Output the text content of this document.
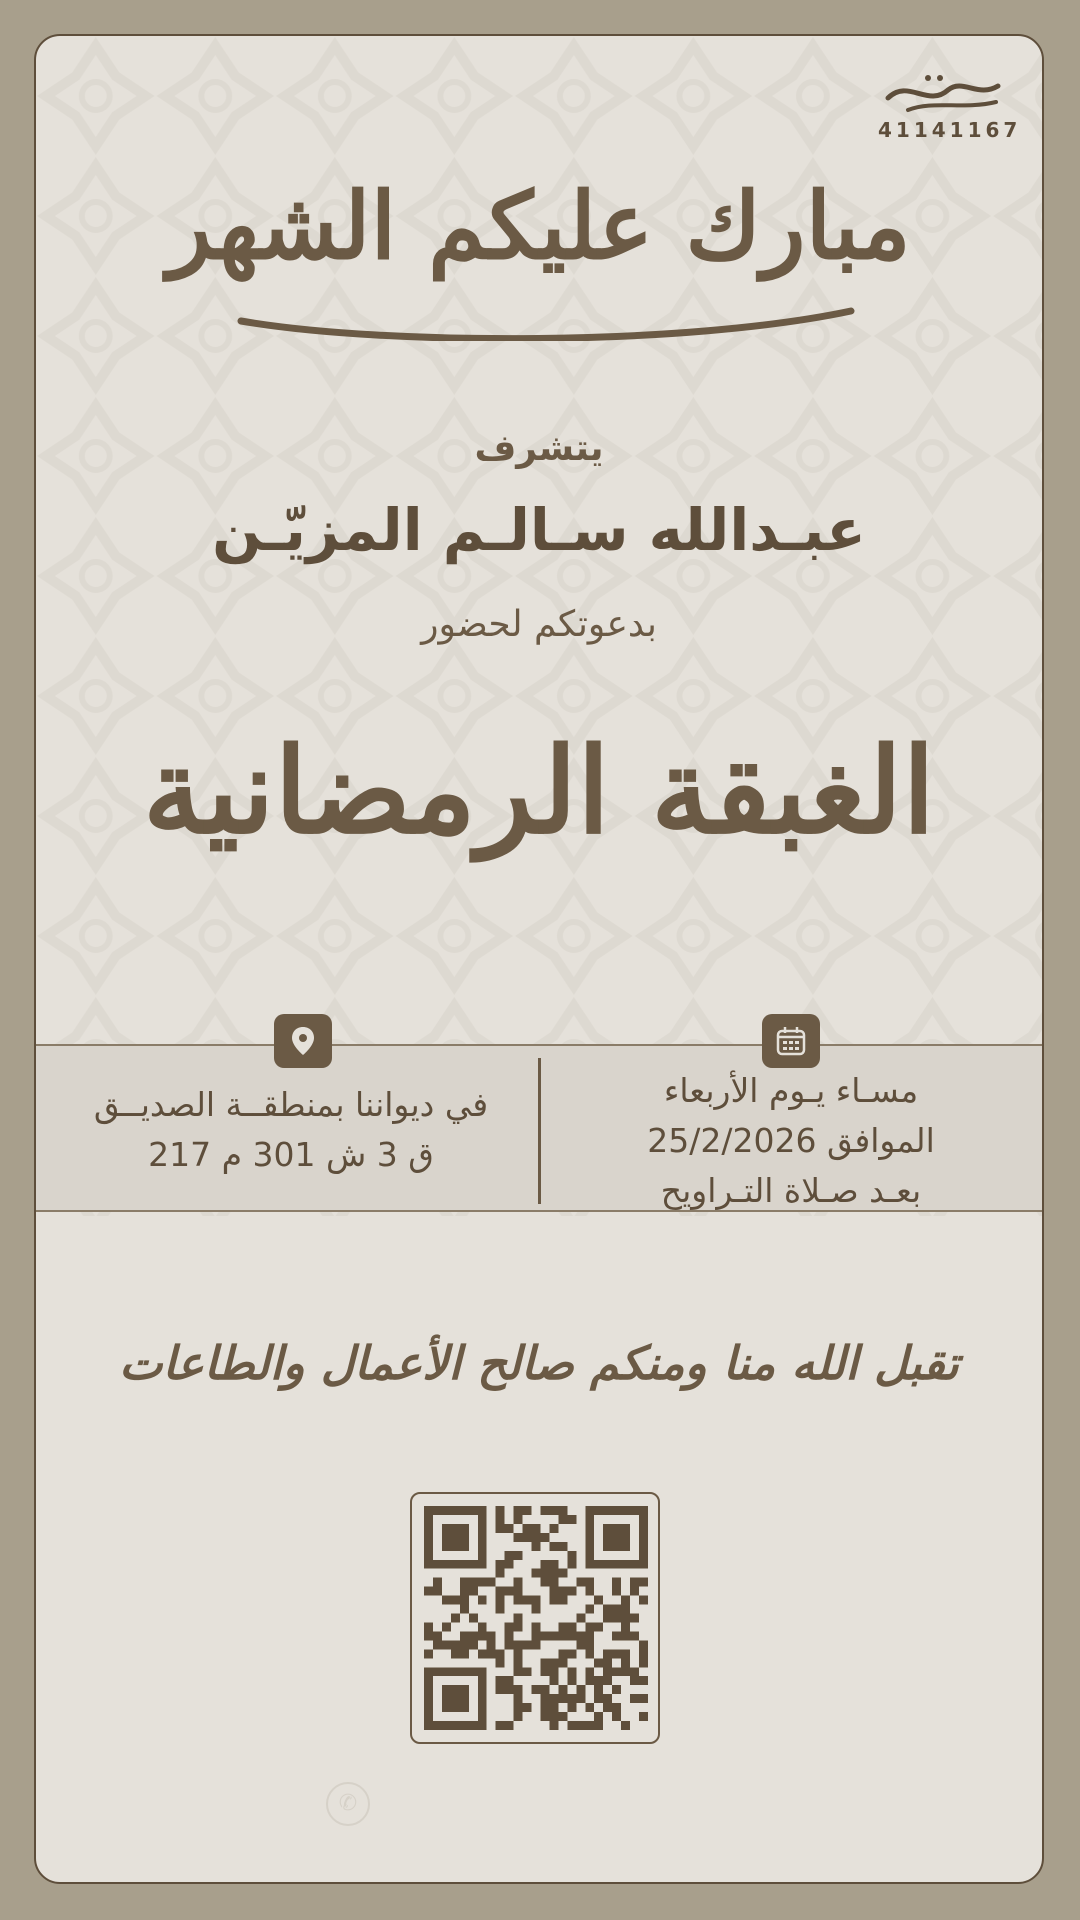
41141167
مبارك عليكم الشهر
يتشرف
عبـدالله سـالـم المزيّـن
بدعوتكم لحضور
الغبقة الرمضانية
مسـاء يـوم الأربعاء
الموافق 25/2/2026
بعـد صـلاة التـراويح
في ديواننا بمنطقــة الصديــق
ق 3 ش 301 م 217
تقبل الله منا ومنكم صالح الأعمال والطاعات
✆
